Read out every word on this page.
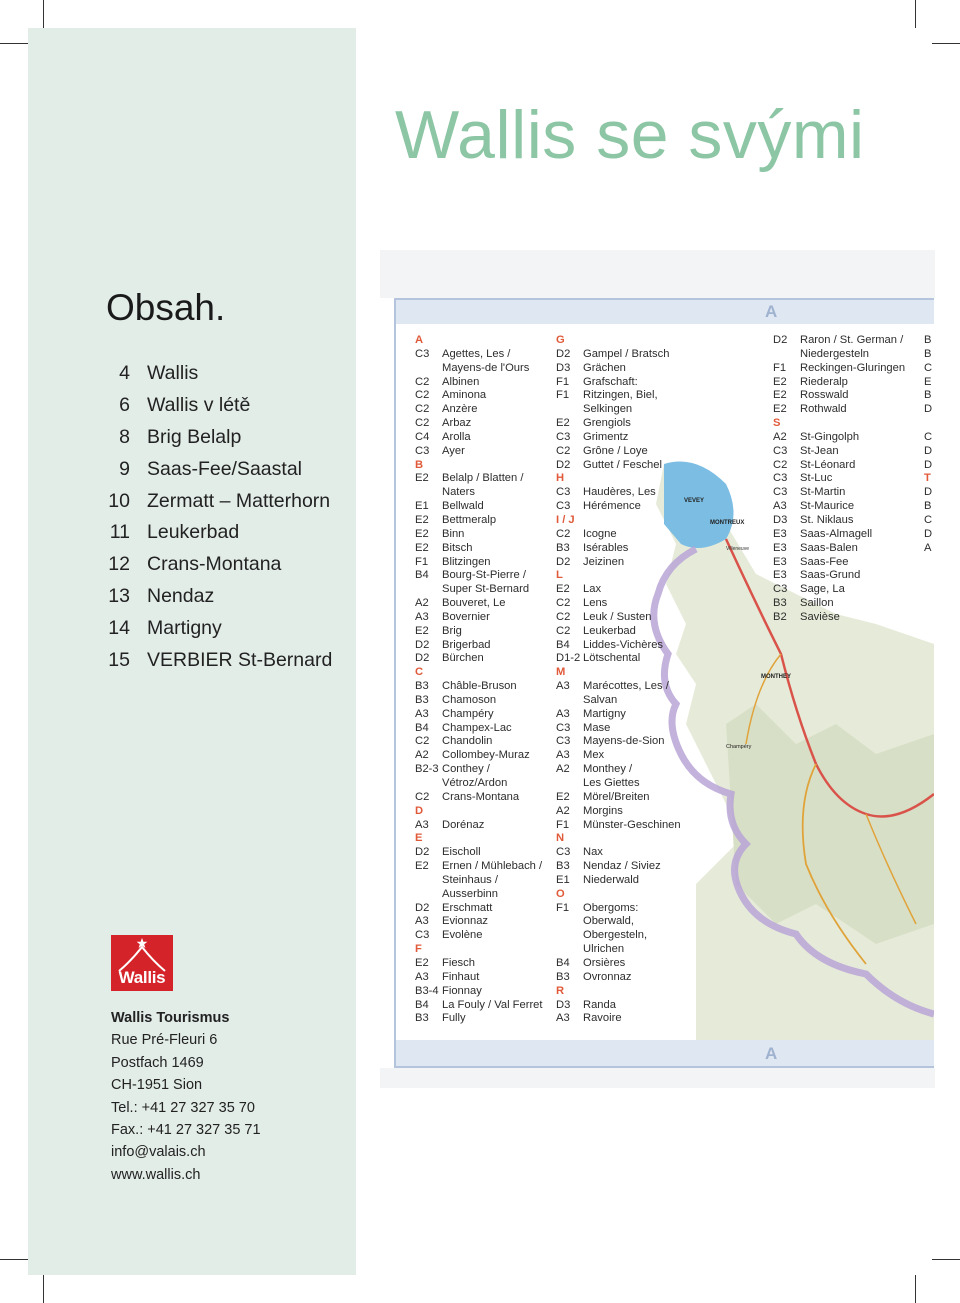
Wallis se svými
Obsah.
4 Wallis
6 Wallis v létě
8 Brig Belalp
9 Saas-Fee/Saastal
10 Zermatt – Matterhorn
11 Leukerbad
12 Crans-Montana
13 Nendaz
14 Martigny
15 VERBIER St-Bernard
Wallis
Wallis Tourismus
Rue Pré-Fleuri 6
Postfach 1469
CH-1951 Sion
Tel.: +41 27 327 35 70
Fax.: +41 27 327 35 71
info@valais.ch
www.wallis.ch
A
VEVEY
MONTREUX
Villeneuve
MONTHEY
Champéry
A
A
C3 Agettes, Les /
Mayens-de l'Ours
C2 Albinen
C2 Aminona
C2 Anzère
C2 Arbaz
C4 Arolla
C3 Ayer
B
E2 Belalp / Blatten /
Naters
E1 Bellwald
E2 Bettmeralp
E2 Binn
E2 Bitsch
F1 Blitzingen
B4 Bourg-St-Pierre /
Super St-Bernard
A2 Bouveret, Le
A3 Bovernier
E2 Brig
D2 Brigerbad
D2 Bürchen
C
B3 Châble-Bruson
B3 Chamoson
A3 Champéry
B4 Champex-Lac
C2 Chandolin
A2 Collombey-Muraz
B2-3 Conthey /
Vétroz/Ardon
C2 Crans-Montana
D
A3 Dorénaz
E
D2 Eischoll
E2 Ernen / Mühlebach /
Steinhaus /
Ausserbinn
D2 Erschmatt
A3 Evionnaz
C3 Evolène
F
E2 Fiesch
A3 Finhaut
B3-4 Fionnay
B4 La Fouly / Val Ferret
B3 Fully
G
D2 Gampel / Bratsch
D3 Grächen
F1 Grafschaft:
F1 Ritzingen, Biel,
Selkingen
E2 Grengiols
C3 Grimentz
C2 Grône / Loye
D2 Guttet / Feschel
H
C3 Haudères, Les
C3 Hérémence
I / J
C2 Icogne
B3 Isérables
D2 Jeizinen
L
E2 Lax
C2 Lens
C2 Leuk / Susten
C2 Leukerbad
B4 Liddes-Vichères
D1-2 Lötschental
M
A3 Marécottes, Les /
Salvan
A3 Martigny
C3 Mase
C3 Mayens-de-Sion
A3 Mex
A2 Monthey /
Les Giettes
E2 Mörel/Breiten
A2 Morgins
F1 Münster-Geschinen
N
C3 Nax
B3 Nendaz / Siviez
E1 Niederwald
O
F1 Obergoms:
Oberwald,
Obergesteln,
Ulrichen
B4 Orsières
B3 Ovronnaz
R
D3 Randa
A3 Ravoire
D2 Raron / St. German /
Niedergesteln
F1 Reckingen-Gluringen
E2 Riederalp
E2 Rosswald
E2 Rothwald
S
A2 St-Gingolph
C3 St-Jean
C2 St-Léonard
C3 St-Luc
C3 St-Martin
A3 St-Maurice
D3 St. Niklaus
E3 Saas-Almagell
E3 Saas-Balen
E3 Saas-Fee
E3 Saas-Grund
C3 Sage, La
B3 Saillon
B2 Savièse
B
B
C
E
B
D
C
D
D
T
D
B
C
D
A
